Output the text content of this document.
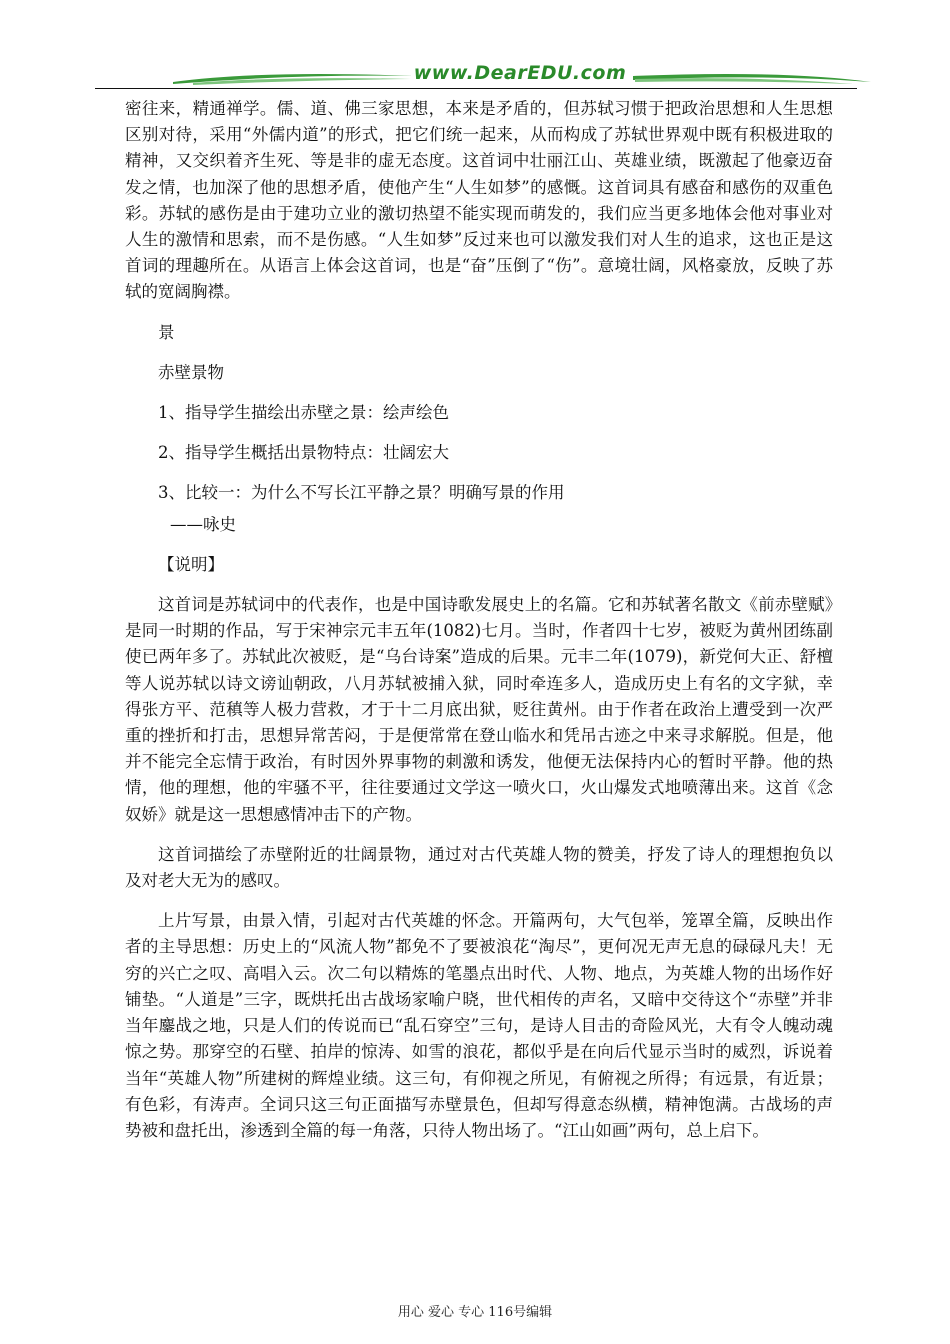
www.DearEDU.com

密往来，精通禅学。儒、道、佛三家思想，本来是矛盾的，但苏轼习惯于把政治思想和人生思想区别对待，采用“外儒内道”的形式，把它们统一起来，从而构成了苏轼世界观中既有积极进取的精神，又交织着齐生死、等是非的虚无态度。这首词中壮丽江山、英雄业绩，既激起了他豪迈奋发之情，也加深了他的思想矛盾，使他产生“人生如梦”的感慨。这首词具有感奋和感伤的双重色彩。苏轼的感伤是由于建功立业的激切热望不能实现而萌发的，我们应当更多地体会他对事业对人生的激情和思索，而不是伤感。“人生如梦”反过来也可以激发我们对人生的追求，这也正是这首词的理趣所在。从语言上体会这首词，也是“奋”压倒了“伤”。意境壮阔，风格豪放，反映了苏轼的宽阔胸襟。

景

赤壁景物

1、指导学生描绘出赤壁之景：绘声绘色

2、指导学生概括出景物特点：壮阔宏大

3、比较一：为什么不写长江平静之景？明确写景的作用

——咏史

【说明】

这首词是苏轼词中的代表作，也是中国诗歌发展史上的名篇。它和苏轼著名散文《前赤壁赋》是同一时期的作品，写于宋神宗元丰五年(1082)七月。当时，作者四十七岁，被贬为黄州团练副使已两年多了。苏轼此次被贬，是“乌台诗案”造成的后果。元丰二年(1079)，新党何大正、舒檀等人说苏轼以诗文谤讪朝政，八月苏轼被捕入狱，同时牵连多人，造成历史上有名的文字狱，幸得张方平、范稹等人极力营救，才于十二月底出狱，贬往黄州。由于作者在政治上遭受到一次严重的挫折和打击，思想异常苦闷，于是便常常在登山临水和凭吊古迹之中来寻求解脱。但是，他并不能完全忘情于政治，有时因外界事物的刺激和诱发，他便无法保持内心的暂时平静。他的热情，他的理想，他的牢骚不平，往往要通过文学这一喷火口，火山爆发式地喷薄出来。这首《念奴娇》就是这一思想感情冲击下的产物。

这首词描绘了赤壁附近的壮阔景物，通过对古代英雄人物的赞美，抒发了诗人的理想抱负以及对老大无为的感叹。

上片写景，由景入情，引起对古代英雄的怀念。开篇两句，大气包举，笼罩全篇，反映出作者的主导思想：历史上的“风流人物”都免不了要被浪花“淘尽”，更何况无声无息的碌碌凡夫！无穷的兴亡之叹、高唱入云。次二句以精炼的笔墨点出时代、人物、地点，为英雄人物的出场作好铺垫。“人道是”三字，既烘托出古战场家喻户晓，世代相传的声名，又暗中交待这个“赤壁”并非当年鏖战之地，只是人们的传说而已“乱石穿空”三句，是诗人目击的奇险风光，大有令人魄动魂惊之势。那穿空的石壁、拍岸的惊涛、如雪的浪花，都似乎是在向后代显示当时的威烈，诉说着当年“英雄人物”所建树的辉煌业绩。这三句，有仰视之所见，有俯视之所得；有远景，有近景；有色彩，有涛声。全词只这三句正面描写赤壁景色，但却写得意态纵横，精神饱满。古战场的声势被和盘托出，渗透到全篇的每一角落，只待人物出场了。“江山如画”两句，总上启下。

用心 爱心 专心 116号编辑
